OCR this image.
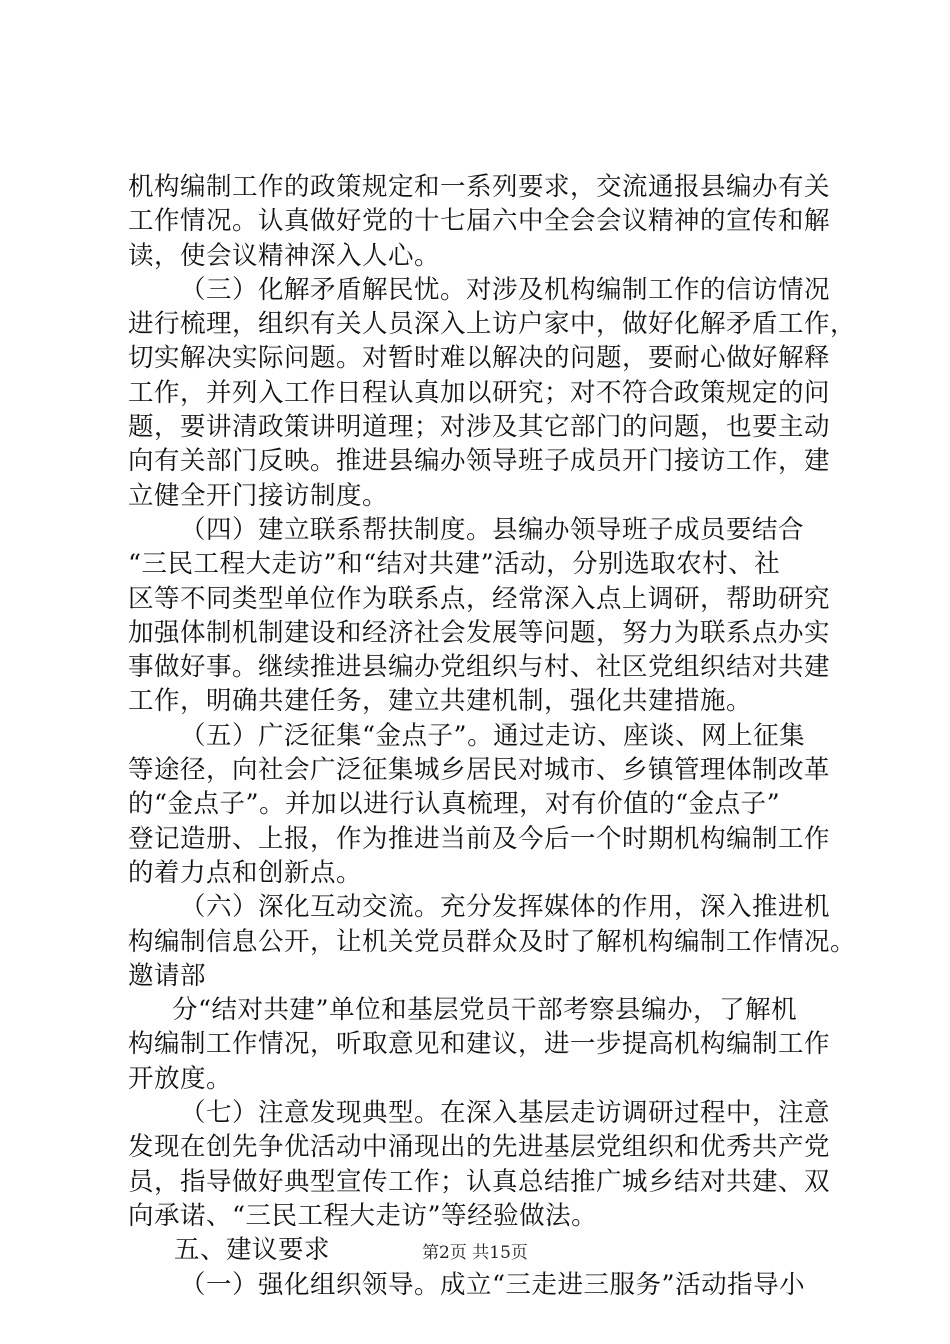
机构编制工作的政策规定和一系列要求，交流通报县编办有关
工作情况。认真做好党的十七届六中全会会议精神的宣传和解
读，使会议精神深入人心。
（三）化解矛盾解民忧。对涉及机构编制工作的信访情况
进行梳理，组织有关人员深入上访户家中，做好化解矛盾工作，
切实解决实际问题。对暂时难以解决的问题，要耐心做好解释
工作，并列入工作日程认真加以研究；对不符合政策规定的问
题，要讲清政策讲明道理；对涉及其它部门的问题，也要主动
向有关部门反映。推进县编办领导班子成员开门接访工作，建
立健全开门接访制度。
（四）建立联系帮扶制度。县编办领导班子成员要结合
“三民工程大走访”和“结对共建”活动，分别选取农村、社
区等不同类型单位作为联系点，经常深入点上调研，帮助研究
加强体制机制建设和经济社会发展等问题，努力为联系点办实
事做好事。继续推进县编办党组织与村、社区党组织结对共建
工作，明确共建任务，建立共建机制，强化共建措施。
（五）广泛征集“金点子”。通过走访、座谈、网上征集
等途径，向社会广泛征集城乡居民对城市、乡镇管理体制改革
的“金点子”。并加以进行认真梳理，对有价值的“金点子”
登记造册、上报，作为推进当前及今后一个时期机构编制工作
的着力点和创新点。
（六）深化互动交流。充分发挥媒体的作用，深入推进机
构编制信息公开，让机关党员群众及时了解机构编制工作情况。
邀请部
分“结对共建”单位和基层党员干部考察县编办，了解机
构编制工作情况，听取意见和建议，进一步提高机构编制工作
开放度。
（七）注意发现典型。在深入基层走访调研过程中，注意
发现在创先争优活动中涌现出的先进基层党组织和优秀共产党
员，指导做好典型宣传工作；认真总结推广城乡结对共建、双
向承诺、“三民工程大走访”等经验做法。
五、建议要求
（一）强化组织领导。成立“三走进三服务”活动指导小
第2页 共15页
